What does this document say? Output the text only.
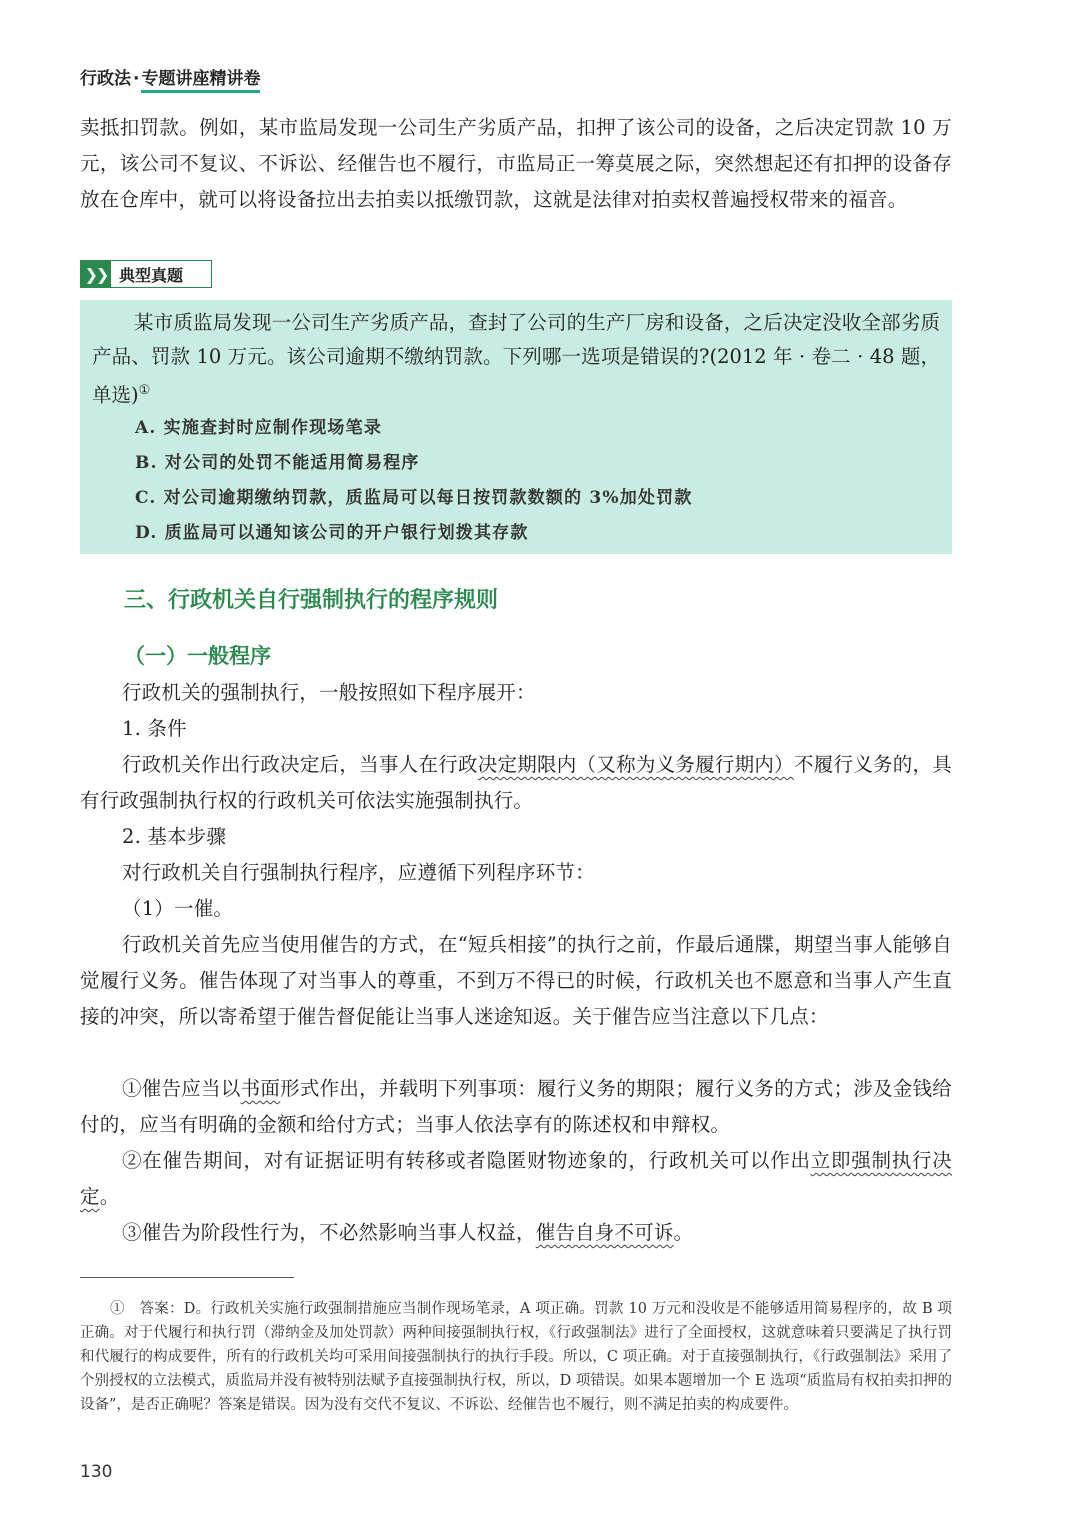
行政法 · 专题讲座精讲卷

卖抵扣罚款。例如，某市监局发现一公司生产劣质产品，扣押了该公司的设备，之后决定罚款 10 万元，该公司不复议、不诉讼、经催告也不履行，市监局正一筹莫展之际，突然想起还有扣押的设备存放在仓库中，就可以将设备拉出去拍卖以抵缴罚款，这就是法律对拍卖权普遍授权带来的福音。

❯❯ 典型真题

某市质监局发现一公司生产劣质产品，查封了公司的生产厂房和设备，之后决定没收全部劣质产品、罚款 10 万元。该公司逾期不缴纳罚款。下列哪一选项是错误的?(2012 年 · 卷二 · 48 题，单选)①

A. 实施查封时应制作现场笔录
B. 对公司的处罚不能适用简易程序
C. 对公司逾期缴纳罚款，质监局可以每日按罚款数额的 3%加处罚款
D. 质监局可以通知该公司的开户银行划拨其存款
三、行政机关自行强制执行的程序规则
（一）一般程序

行政机关的强制执行，一般按照如下程序展开：

1. 条件

行政机关作出行政决定后，当事人在行政决定期限内（又称为义务履行期内）不履行义务的，具有行政强制执行权的行政机关可依法实施强制执行。

2. 基本步骤

对行政机关自行强制执行程序，应遵循下列程序环节：

（1）一催。

行政机关首先应当使用催告的方式，在“短兵相接”的执行之前，作最后通牒，期望当事人能够自觉履行义务。催告体现了对当事人的尊重，不到万不得已的时候，行政机关也不愿意和当事人产生直接的冲突，所以寄希望于催告督促能让当事人迷途知返。关于催告应当注意以下几点：

①催告应当以书面形式作出，并载明下列事项：履行义务的期限；履行义务的方式；涉及金钱给付的，应当有明确的金额和给付方式；当事人依法享有的陈述权和申辩权。

②在催告期间，对有证据证明有转移或者隐匿财物迹象的，行政机关可以作出立即强制执行决定。

③催告为阶段性行为，不必然影响当事人权益，催告自身不可诉。

①　答案：D。行政机关实施行政强制措施应当制作现场笔录，A 项正确。罚款 10 万元和没收是不能够适用简易程序的，故 B 项正确。对于代履行和执行罚（滞纳金及加处罚款）两种间接强制执行权，《行政强制法》进行了全面授权，这就意味着只要满足了执行罚和代履行的构成要件，所有的行政机关均可采用间接强制执行的执行手段。所以，C 项正确。对于直接强制执行，《行政强制法》采用了个别授权的立法模式，质监局并没有被特别法赋予直接强制执行权，所以，D 项错误。如果本题增加一个 E 选项“质监局有权拍卖扣押的设备”，是否正确呢？答案是错误。因为没有交代不复议、不诉讼、经催告也不履行，则不满足拍卖的构成要件。

130
